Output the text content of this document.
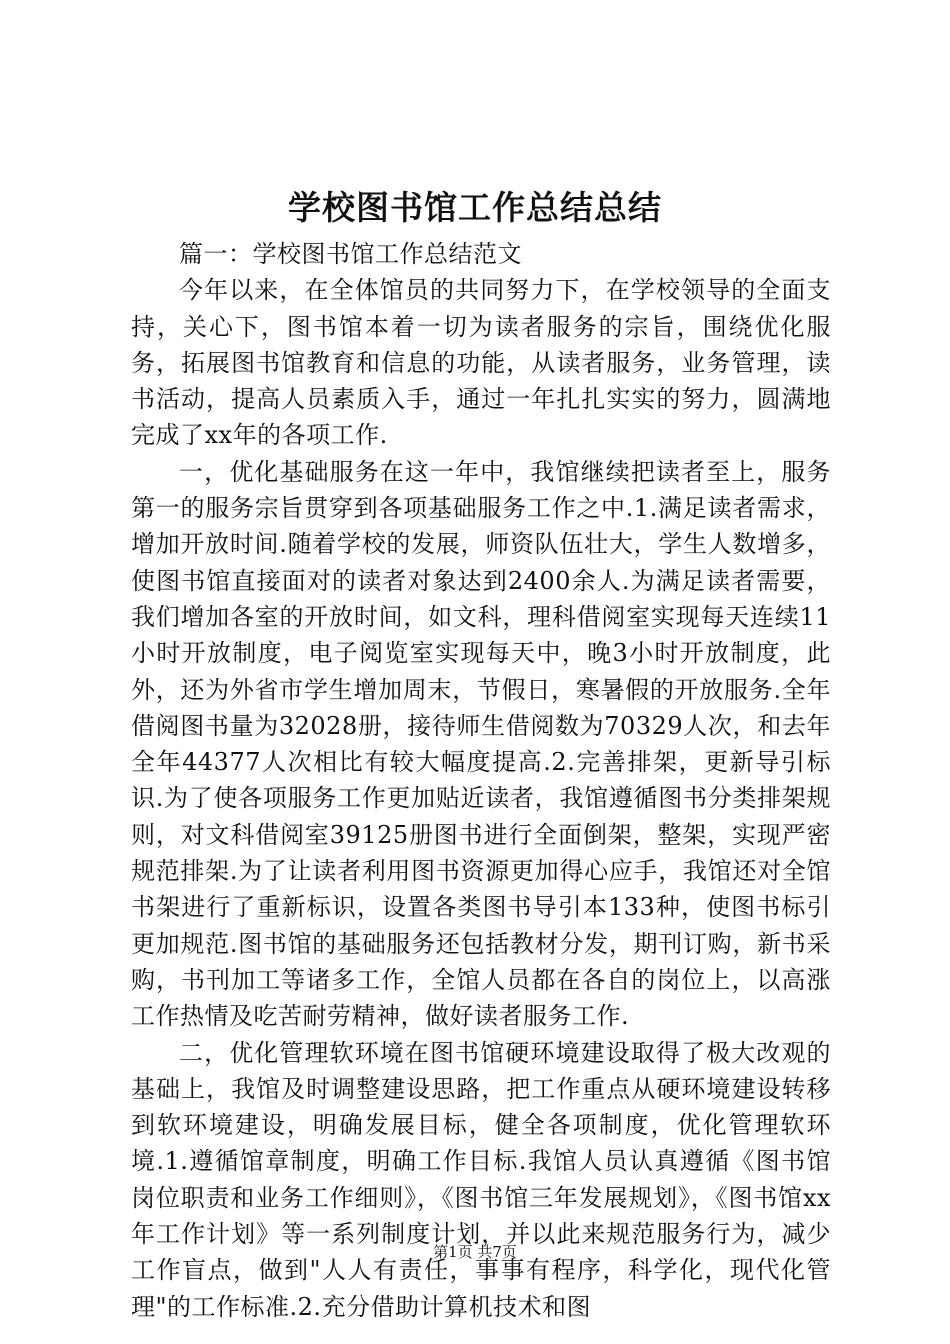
学校图书馆工作总结总结

篇一：学校图书馆工作总结范文

今年以来，在全体馆员的共同努力下，在学校领导的全面支持，关心下，图书馆本着一切为读者服务的宗旨，围绕优化服务，拓展图书馆教育和信息的功能，从读者服务，业务管理，读书活动，提高人员素质入手，通过一年扎扎实实的努力，圆满地完成了xx年的各项工作.

一，优化基础服务在这一年中，我馆继续把读者至上，服务第一的服务宗旨贯穿到各项基础服务工作之中.1.满足读者需求，增加开放时间.随着学校的发展，师资队伍壮大，学生人数增多，使图书馆直接面对的读者对象达到2400余人.为满足读者需要，我们增加各室的开放时间，如文科，理科借阅室实现每天连续11小时开放制度，电子阅览室实现每天中，晚3小时开放制度，此外，还为外省市学生增加周末，节假日，寒暑假的开放服务.全年借阅图书量为32028册，接待师生借阅数为70329人次，和去年全年44377人次相比有较大幅度提高.2.完善排架，更新导引标识.为了使各项服务工作更加贴近读者，我馆遵循图书分类排架规则，对文科借阅室39125册图书进行全面倒架，整架，实现严密规范排架.为了让读者利用图书资源更加得心应手，我馆还对全馆书架进行了重新标识，设置各类图书导引本133种，使图书标引更加规范.图书馆的基础服务还包括教材分发，期刊订购，新书采购，书刊加工等诸多工作，全馆人员都在各自的岗位上，以高涨工作热情及吃苦耐劳精神，做好读者服务工作.

二，优化管理软环境在图书馆硬环境建设取得了极大改观的基础上，我馆及时调整建设思路，把工作重点从硬环境建设转移到软环境建设，明确发展目标，健全各项制度，优化管理软环境.1.遵循馆章制度，明确工作目标.我馆人员认真遵循《图书馆岗位职责和业务工作细则》，《图书馆三年发展规划》，《图书馆xx年工作计划》等一系列制度计划，并以此来规范服务行为，减少工作盲点，做到"人人有责任，事事有程序，科学化，现代化管理"的工作标准.2.充分借助计算机技术和图

第1页 共7页
